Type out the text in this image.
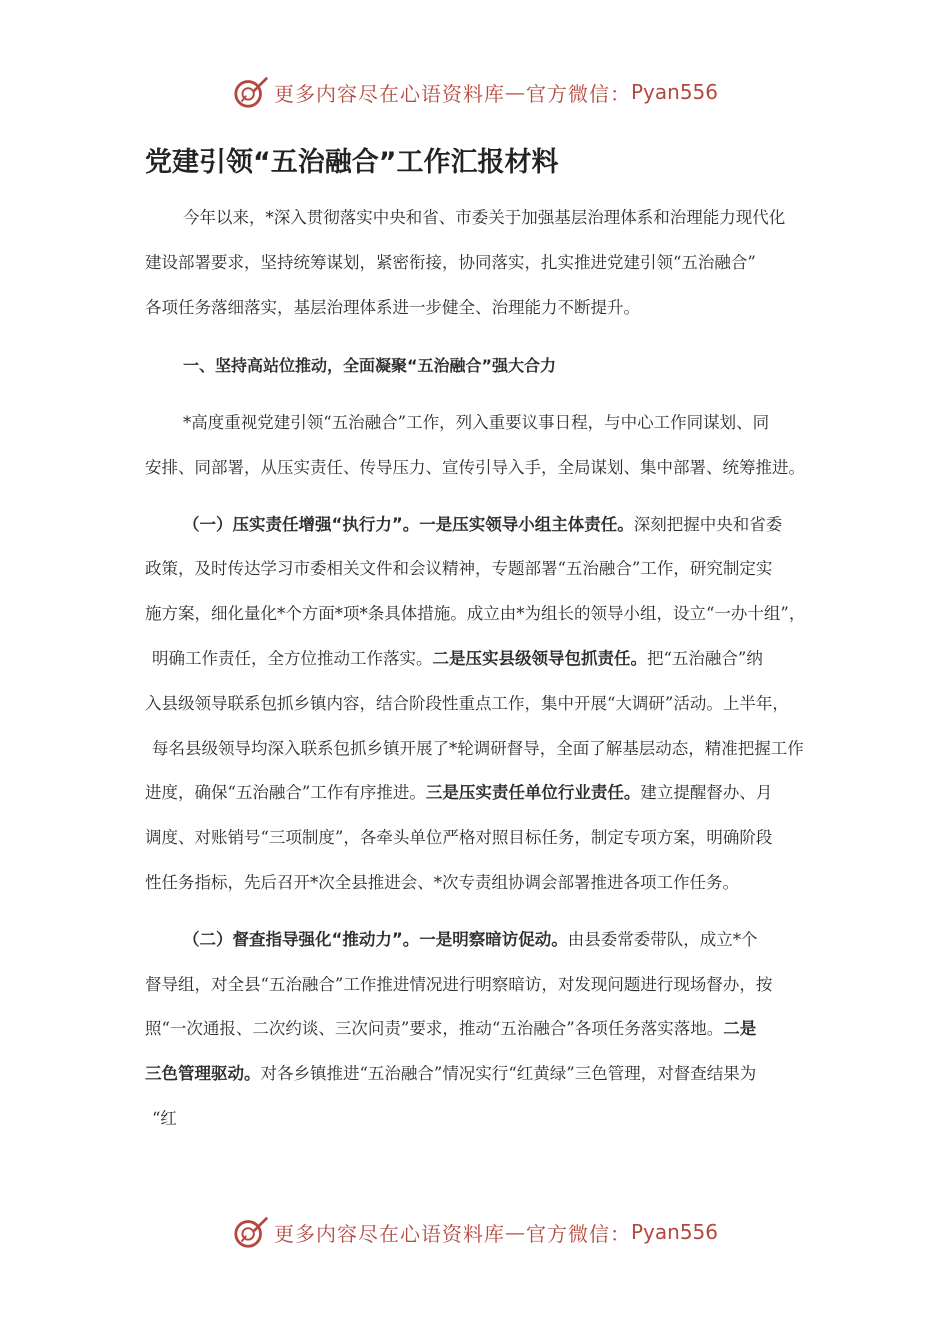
更多内容尽在心语资料库 — 官方微信： Pyan556
党建引领“五治融合”工作汇报材料

今年以来，*深入贯彻落实中央和省、市委关于加强基层治理体系和治理能力现代化

建设部署要求，坚持统筹谋划，紧密衔接，协同落实，扎实推进党建引领“五治融合”

各项任务落细落实，基层治理体系进一步健全、治理能力不断提升。

一、坚持高站位推动，全面凝聚“五治融合”强大合力

*高度重视党建引领“五治融合”工作，列入重要议事日程，与中心工作同谋划、同

安排、同部署，从压实责任、传导压力、宣传引导入手，全局谋划、集中部署、统筹推进。

（一）压实责任增强“执行力”。一是压实领导小组主体责任。深刻把握中央和省委

政策，及时传达学习市委相关文件和会议精神，专题部署“五治融合”工作，研究制定实

施方案，细化量化*个方面*项*条具体措施。成立由*为组长的领导小组，设立“一办十组”，

明确工作责任，全方位推动工作落实。二是压实县级领导包抓责任。把“五治融合”纳

入县级领导联系包抓乡镇内容，结合阶段性重点工作，集中开展“大调研”活动。上半年，

每名县级领导均深入联系包抓乡镇开展了*轮调研督导，全面了解基层动态，精准把握工作

进度，确保“五治融合”工作有序推进。三是压实责任单位行业责任。建立提醒督办、月

调度、对账销号“三项制度”，各牵头单位严格对照目标任务，制定专项方案，明确阶段

性任务指标，先后召开*次全县推进会、*次专责组协调会部署推进各项工作任务。

（二）督查指导强化“推动力”。一是明察暗访促动。由县委常委带队，成立*个

督导组，对全县“五治融合”工作推进情况进行明察暗访，对发现问题进行现场督办，按

照“一次通报、二次约谈、三次问责”要求，推动“五治融合”各项任务落实落地。二是

三色管理驱动。对各乡镇推进“五治融合”情况实行“红黄绿”三色管理，对督查结果为

“红

更多内容尽在心语资料库 — 官方微信： Pyan556
